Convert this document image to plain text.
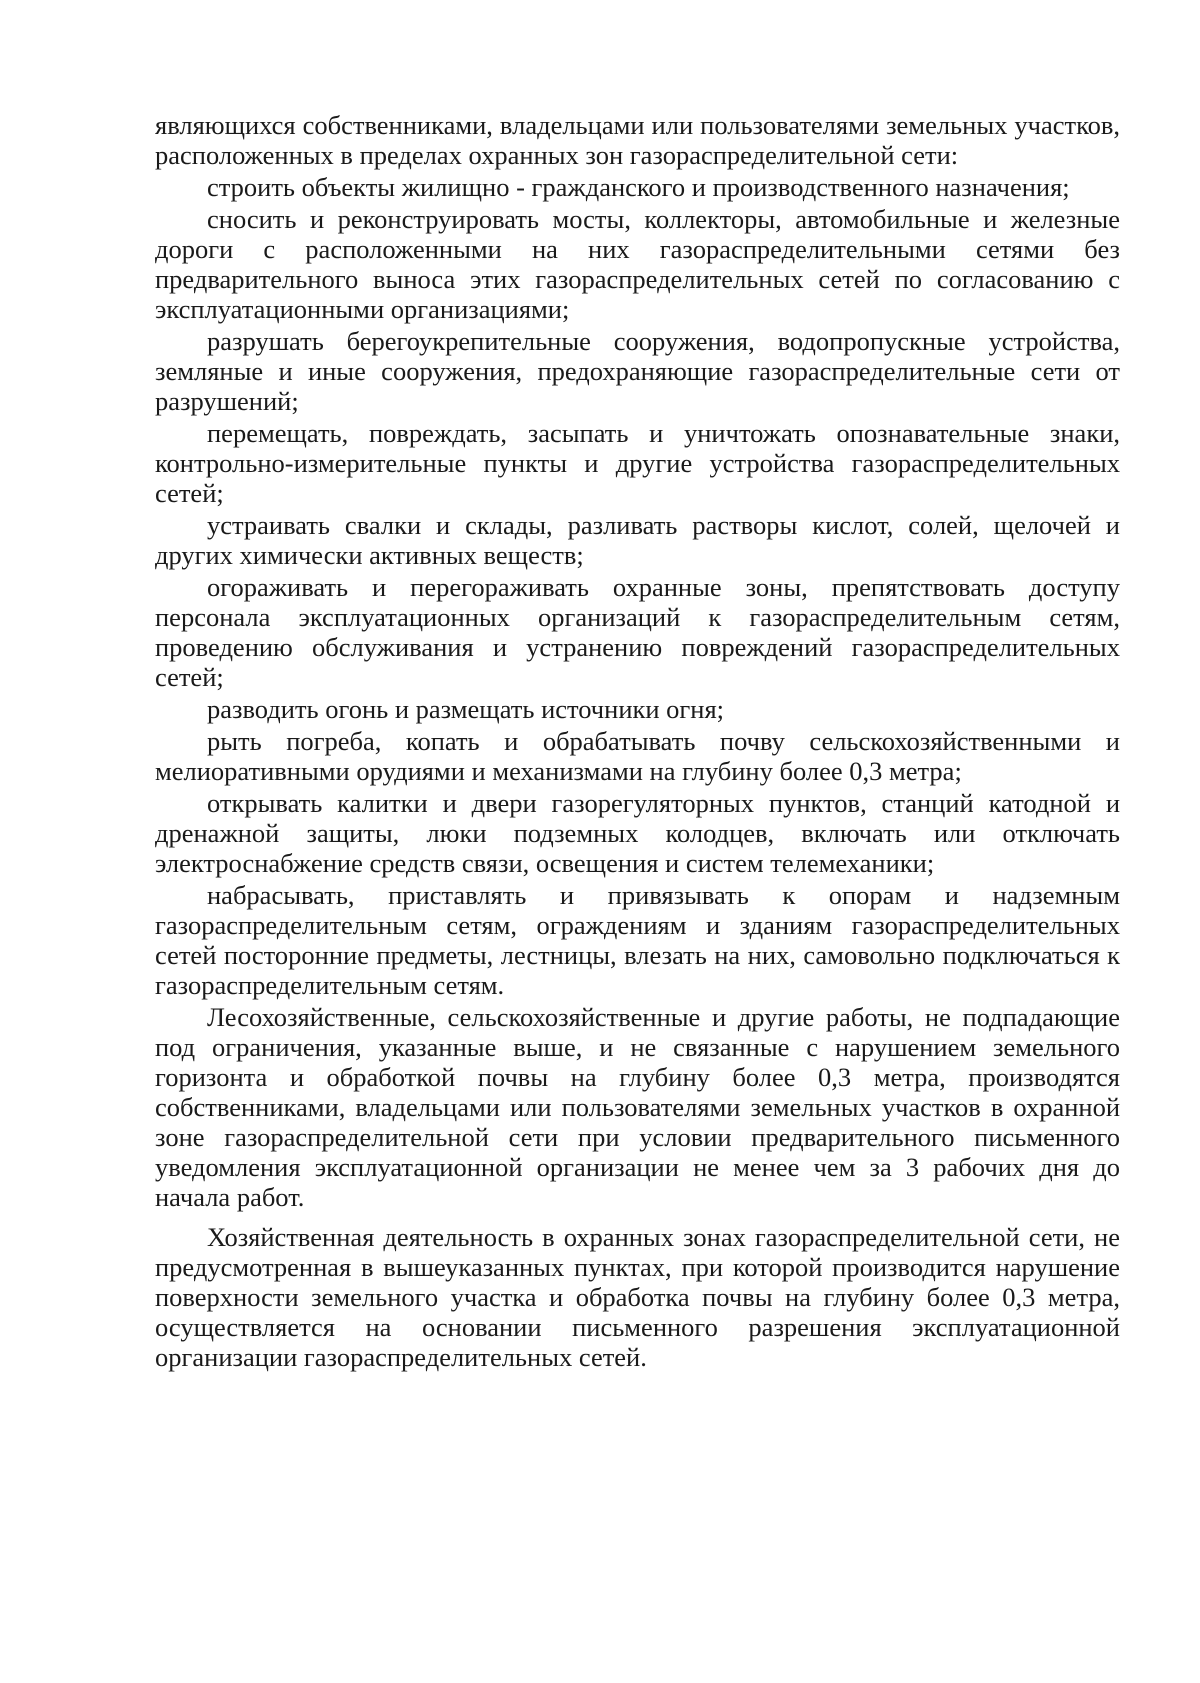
являющихся собственниками, владельцами или пользователями земельных участков, расположенных в пределах охранных зон газораспределительной сети:

строить объекты жилищно - гражданского и производственного назначения;

сносить и реконструировать мосты, коллекторы, автомобильные и железные дороги с расположенными на них газораспределительными сетями без предварительного выноса этих газораспределительных сетей по согласованию с эксплуатационными организациями;

разрушать берегоукрепительные сооружения, водопропускные устройства, земляные и иные сооружения, предохраняющие газораспределительные сети от разрушений;

перемещать, повреждать, засыпать и уничтожать опознавательные знаки, контрольно-измерительные пункты и другие устройства газораспределительных сетей;

устраивать свалки и склады, разливать растворы кислот, солей, щелочей и других химически активных веществ;

огораживать и перегораживать охранные зоны, препятствовать доступу персонала эксплуатационных организаций к газораспределительным сетям, проведению обслуживания и устранению повреждений газораспределительных сетей;

разводить огонь и размещать источники огня;

рыть погреба, копать и обрабатывать почву сельскохозяйственными и мелиоративными орудиями и механизмами на глубину более 0,3 метра;

открывать калитки и двери газорегуляторных пунктов, станций катодной и дренажной защиты, люки подземных колодцев, включать или отключать электроснабжение средств связи, освещения и систем телемеханики;

набрасывать, приставлять и привязывать к опорам и надземным газораспределительным сетям, ограждениям и зданиям газораспределительных сетей посторонние предметы, лестницы, влезать на них, самовольно подключаться к газораспределительным сетям.

Лесохозяйственные, сельскохозяйственные и другие работы, не подпадающие под ограничения, указанные выше, и не связанные с нарушением земельного горизонта и обработкой почвы на глубину более 0,3 метра, производятся собственниками, владельцами или пользователями земельных участков в охранной зоне газораспределительной сети при условии предварительного письменного уведомления эксплуатационной организации не менее чем за 3 рабочих дня до начала работ.

Хозяйственная деятельность в охранных зонах газораспределительной сети, не предусмотренная в вышеуказанных пунктах, при которой производится нарушение поверхности земельного участка и обработка почвы на глубину более 0,3 метра, осуществляется на основании письменного разрешения эксплуатационной организации газораспределительных сетей.
